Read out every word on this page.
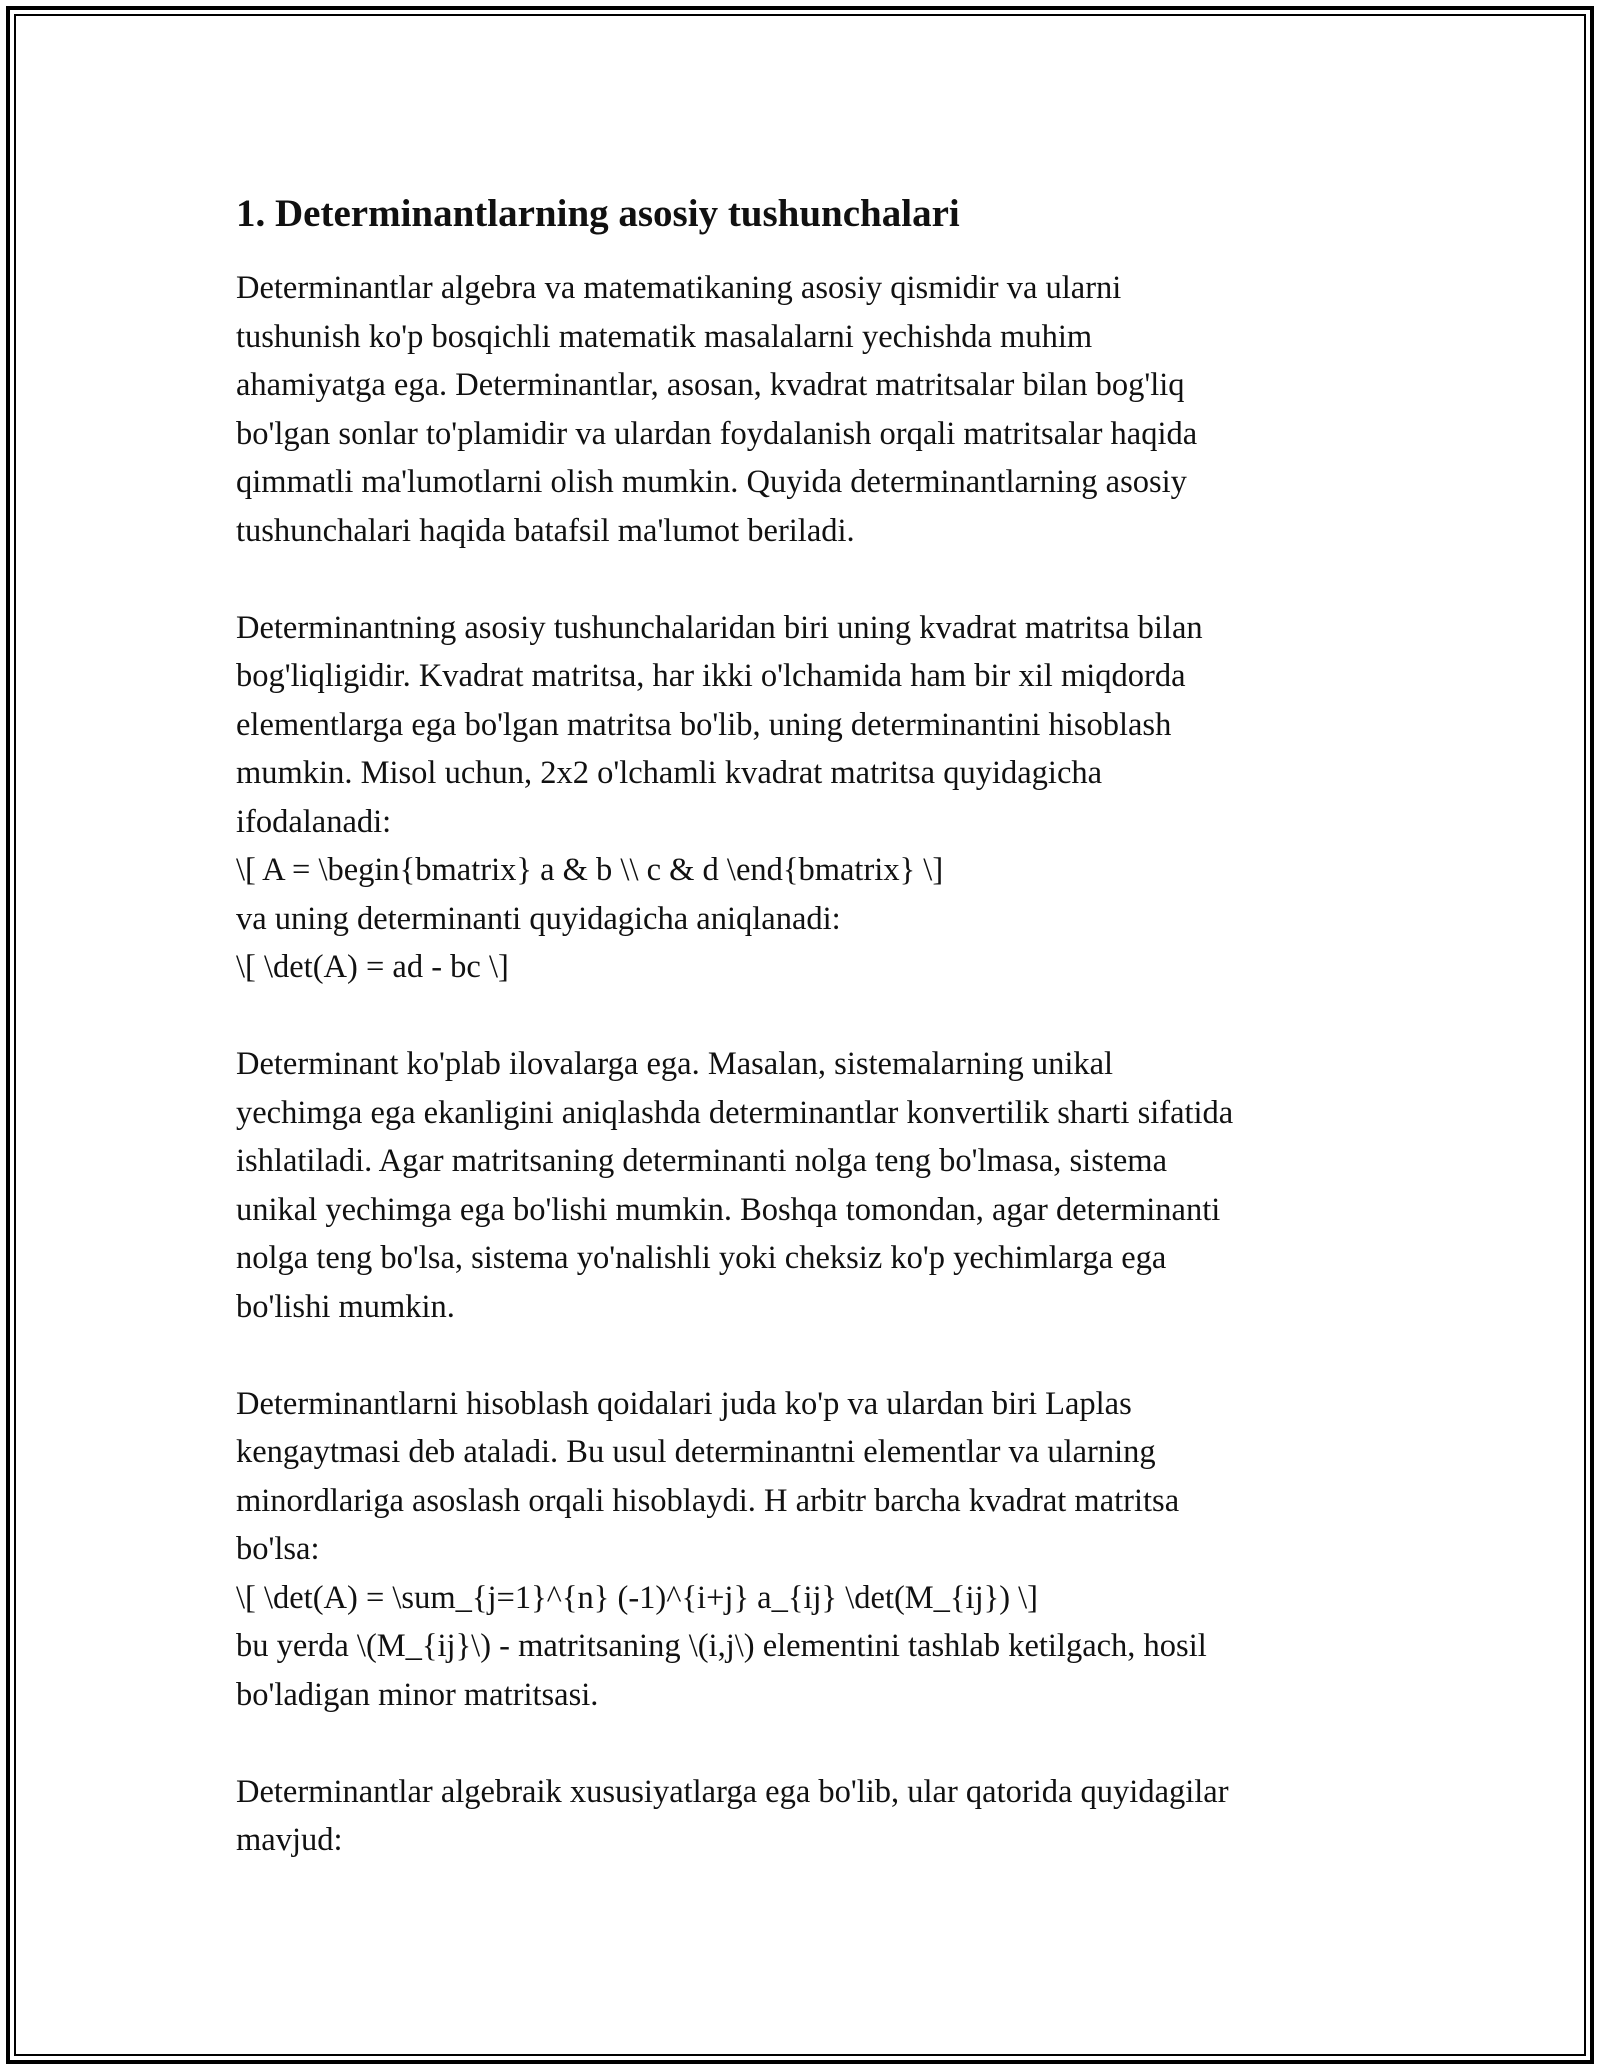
1. Determinantlarning asosiy tushunchalari

Determinantlar algebra va matematikaning asosiy qismidir va ularni
tushunish ko'p bosqichli matematik masalalarni yechishda muhim
ahamiyatga ega. Determinantlar, asosan, kvadrat matritsalar bilan bog'liq
bo'lgan sonlar to'plamidir va ulardan foydalanish orqali matritsalar haqida
qimmatli ma'lumotlarni olish mumkin. Quyida determinantlarning asosiy
tushunchalari haqida batafsil ma'lumot beriladi.

Determinantning asosiy tushunchalaridan biri uning kvadrat matritsa bilan
bog'liqligidir. Kvadrat matritsa, har ikki o'lchamida ham bir xil miqdorda
elementlarga ega bo'lgan matritsa bo'lib, uning determinantini hisoblash
mumkin. Misol uchun, 2x2 o'lchamli kvadrat matritsa quyidagicha
ifodalanadi:
\[ A = \begin{bmatrix} a & b \\ c & d \end{bmatrix} \]
va uning determinanti quyidagicha aniqlanadi:
\[ \det(A) = ad - bc \]

Determinant ko'plab ilovalarga ega. Masalan, sistemalarning unikal
yechimga ega ekanligini aniqlashda determinantlar konvertilik sharti sifatida
ishlatiladi. Agar matritsaning determinanti nolga teng bo'lmasa, sistema
unikal yechimga ega bo'lishi mumkin. Boshqa tomondan, agar determinanti
nolga teng bo'lsa, sistema yo'nalishli yoki cheksiz ko'p yechimlarga ega
bo'lishi mumkin.

Determinantlarni hisoblash qoidalari juda ko'p va ulardan biri Laplas
kengaytmasi deb ataladi. Bu usul determinantni elementlar va ularning
minordlariga asoslash orqali hisoblaydi. H arbitr barcha kvadrat matritsa
bo'lsa:
\[ \det(A) = \sum_{j=1}^{n} (-1)^{i+j} a_{ij} \det(M_{ij}) \]
bu yerda \(M_{ij}\) - matritsaning \(i,j\) elementini tashlab ketilgach, hosil
bo'ladigan minor matritsasi.

Determinantlar algebraik xususiyatlarga ega bo'lib, ular qatorida quyidagilar
mavjud:
